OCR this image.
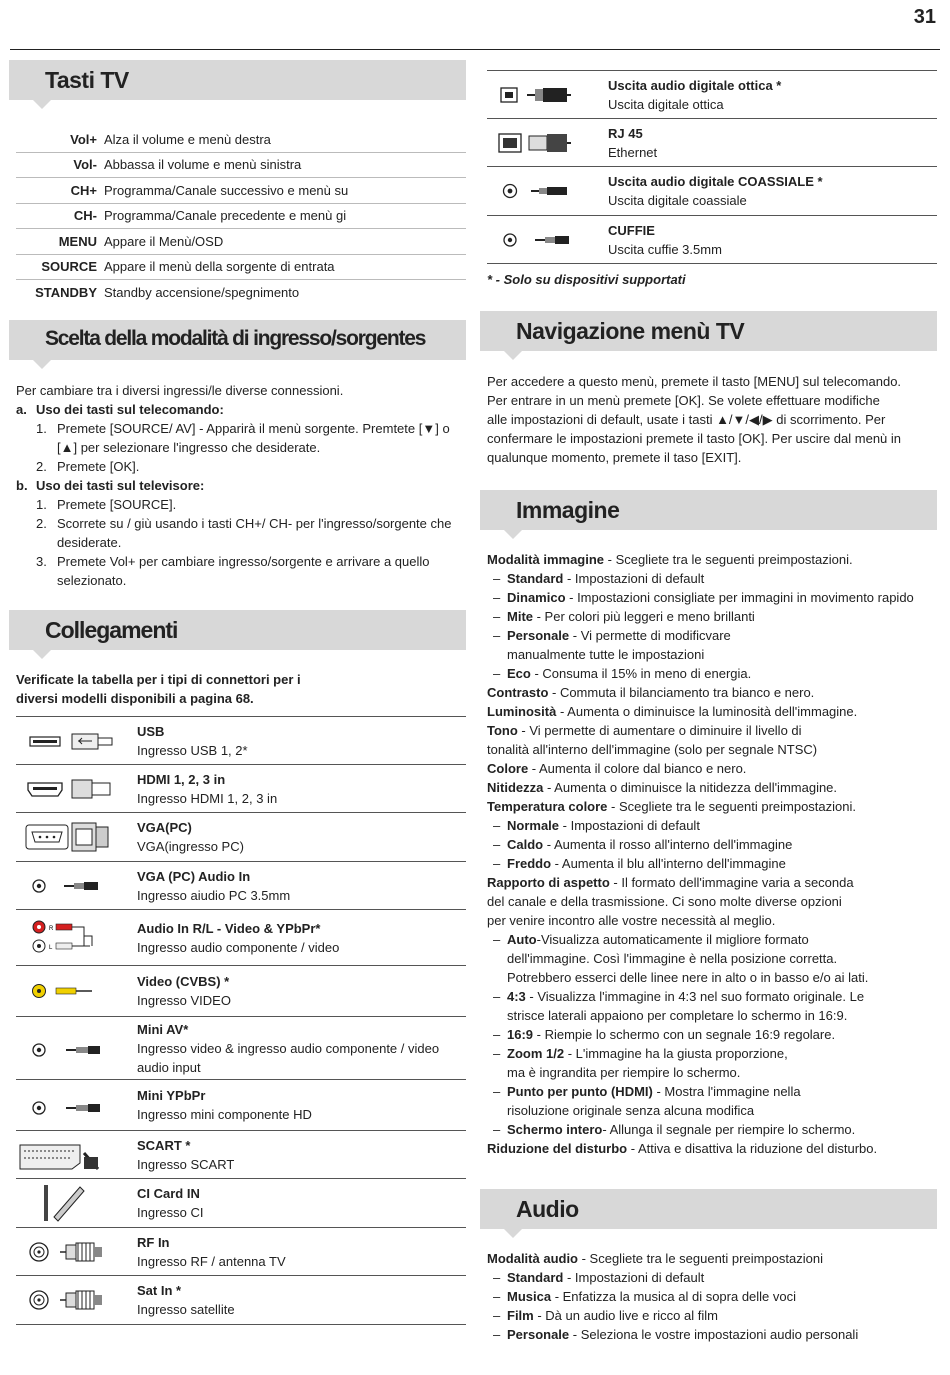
31
Tasti TV
Vol+ Alza il volume e menù destra
Vol- Abbassa il volume e menù sinistra
CH+ Programma/Canale successivo e menù su
CH- Programma/Canale precedente e menù gi
MENU Appare il Menù/OSD
SOURCE Appare il menù della sorgente di entrata
STANDBY Standby accensione/spegnimento
Scelta della modalità di ingresso/sorgentes
Per cambiare tra i diversi ingressi/le diverse connessioni.
a. Uso dei tasti sul telecomando:
1. Premete [SOURCE/ AV] - Apparirà il menù sorgente. Premtete [▼] o
[▲] per selezionare l'ingresso che desiderate.
2. Premete [OK].
b. Uso dei tasti sul televisore:
1. Premete [SOURCE].
2. Scorrete su / giù usando i tasti CH+/ CH- per l'ingresso/sorgente che
desiderate.
3. Premete Vol+ per cambiare ingresso/sorgente e arrivare a quello
selezionato.
Collegamenti
Verificate la tabella per i tipi di connettori per i
diversi modelli disponibili a pagina 68.
USB
Ingresso USB 1, 2*
HDMI 1, 2, 3 in
Ingresso HDMI 1, 2, 3 in
VGA(PC)
VGA(ingresso PC)
VGA (PC) Audio In
Ingresso aiudio PC 3.5mm
R
L
Audio In R/L - Video & YPbPr*
Ingresso audio componente / video
Video (CVBS) *
Ingresso VIDEO
Mini AV*
Ingresso video & ingresso audio componente / video
audio input
Mini YPbPr
Ingresso mini componente HD
SCART *
Ingresso SCART
CI Card IN
Ingresso CI
RF In
Ingresso RF / antenna TV
Sat In *
Ingresso satellite
Uscita audio digitale ottica *
Uscita digitale ottica
RJ 45
Ethernet
Uscita audio digitale COASSIALE *
Uscita digitale coassiale
CUFFIE
Uscita cuffie 3.5mm
* - Solo su dispositivi supportati
Navigazione menù TV
Per accedere a questo menù, premete il tasto [MENU] sul telecomando.
Per entrare in un menù premete [OK]. Se volete effettuare modifiche
alle impostazioni di default, usate i tasti ▲/▼/◀/▶ di scorrimento. Per
confermare le impostazioni premete il tasto [OK]. Per uscire dal menù in
qualunque momento, premete il taso [EXIT].
Immagine
Modalità immagine - Scegliete tra le seguenti preimpostazioni.
– Standard - Impostazioni di default
– Dinamico - Impostazioni consigliate per immagini in movimento rapido
– Mite - Per colori più leggeri e meno brillanti
– Personale - Vi permette di modificvare
manualmente tutte le impostazioni
– Eco - Consuma il 15% in meno di energia.
Contrasto - Commuta il bilanciamento tra bianco e nero.
Luminosità - Aumenta o diminuisce la luminosità dell'immagine.
Tono - Vi permette di aumentare o diminuire il livello di
tonalità all'interno dell'immagine (solo per segnale NTSC)
Colore - Aumenta il colore dal bianco e nero.
Nitidezza - Aumenta o diminuisce la nitidezza dell'immagine.
Temperatura colore - Scegliete tra le seguenti preimpostazioni.
– Normale - Impostazioni di default
– Caldo - Aumenta il rosso all'interno dell'immagine
– Freddo - Aumenta il blu all'interno dell'immagine
Rapporto di aspetto - Il formato dell'immagine varia a seconda
del canale e della trasmissione. Ci sono molte diverse opzioni
per venire incontro alle vostre necessità al meglio.
– Auto-Visualizza automaticamente il migliore formato
dell'immagine. Così l'immagine è nella posizione corretta.
Potrebbero esserci delle linee nere in alto o in basso e/o ai lati.
– 4:3 - Visualizza l'immagine in 4:3 nel suo formato originale. Le
strisce laterali appaiono per completare lo schermo in 16:9.
– 16:9 - Riempie lo schermo con un segnale 16:9 regolare.
– Zoom 1/2 - L'immagine ha la giusta proporzione,
ma è ingrandita per riempire lo schermo.
– Punto per punto (HDMI) - Mostra l'immagine nella
risoluzione originale senza alcuna modifica
– Schermo intero- Allunga il segnale per riempire lo schermo.
Riduzione del disturbo - Attiva e disattiva la riduzione del disturbo.
Audio
Modalità audio - Scegliete tra le seguenti preimpostazioni
– Standard - Impostazioni di default
– Musica - Enfatizza la musica al di sopra delle voci
– Film - Dà un audio live e ricco al film
– Personale - Seleziona le vostre impostazioni audio personali
